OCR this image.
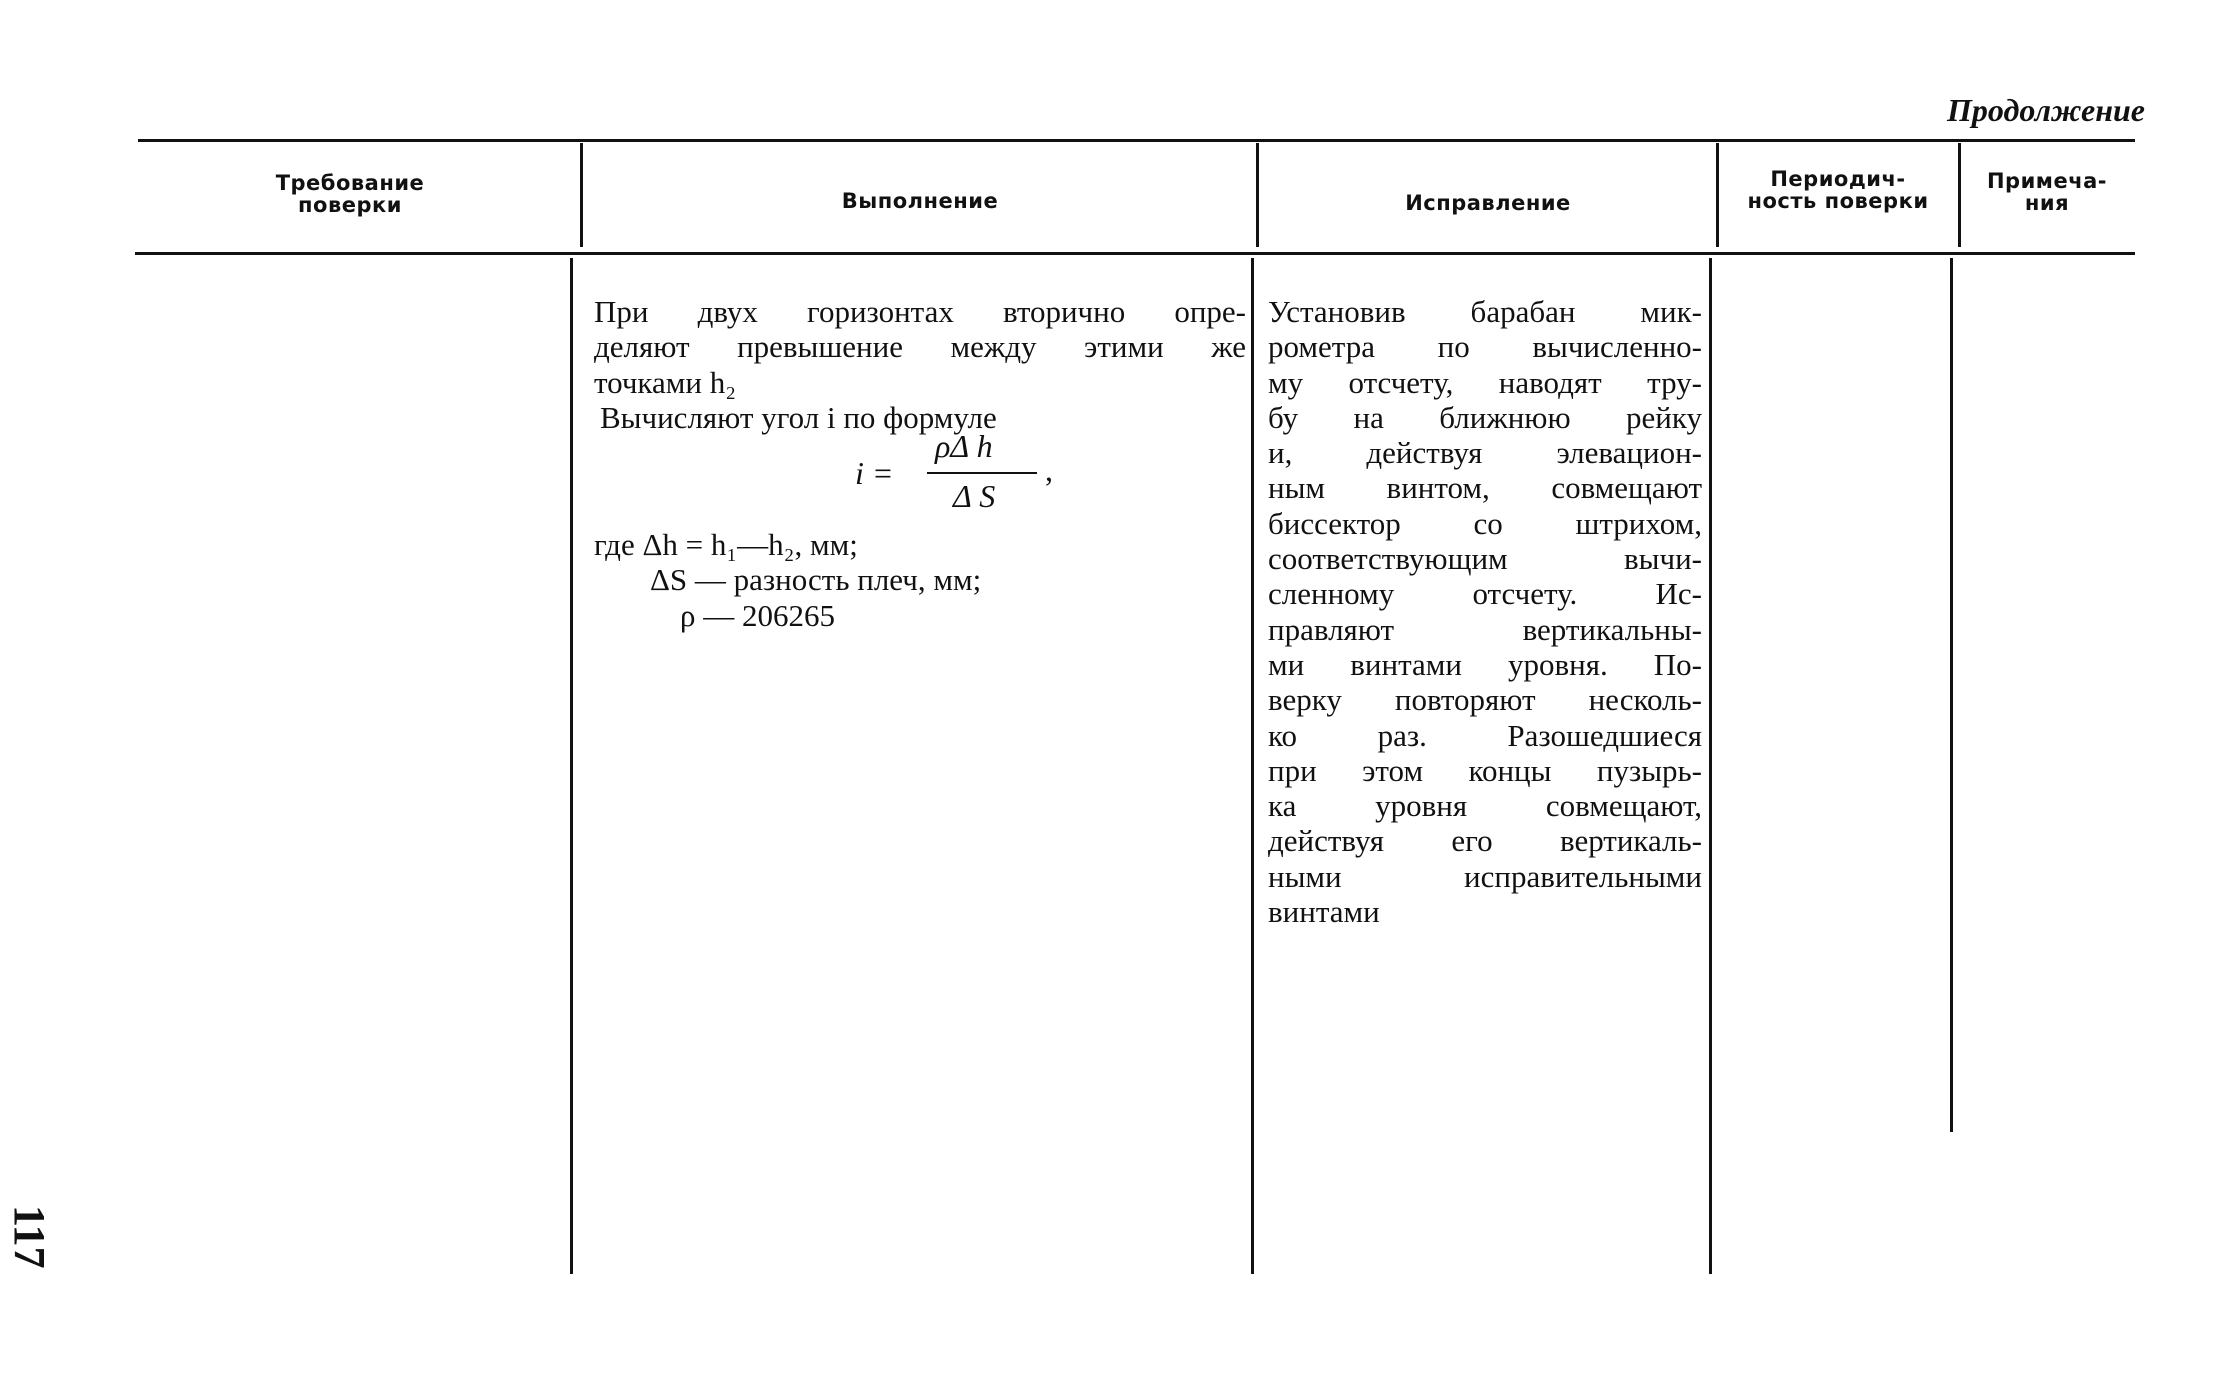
Продолжение
Требование
поверки	Выполнение	Исправление
Периодич-
ность поверки
Примеча-
ния
При двух горизонтах вторично опре-
деляют превышение между этими же
точками h₂
Вычисляют угол i по формуле
i =
ρΔ h
Δ S
,
где Δh = h₁—h₂, мм;
ΔS — разность плеч, мм;
ρ — 206265
Установив барабан мик-
рометра по вычисленно-
му отсчету, наводят тру-
бу на ближнюю рейку
и, действуя элевацион-
ным винтом, совмещают
биссектор со штрихом,
соответствующим вычи-
сленному отсчету. Ис-
правляют вертикальны-
ми винтами уровня. По-
верку повторяют несколь-
ко раз. Разошедшиеся
при этом концы пузырь-
ка уровня совмещают,
действуя его вертикаль-
ными исправительными
винтами
117
